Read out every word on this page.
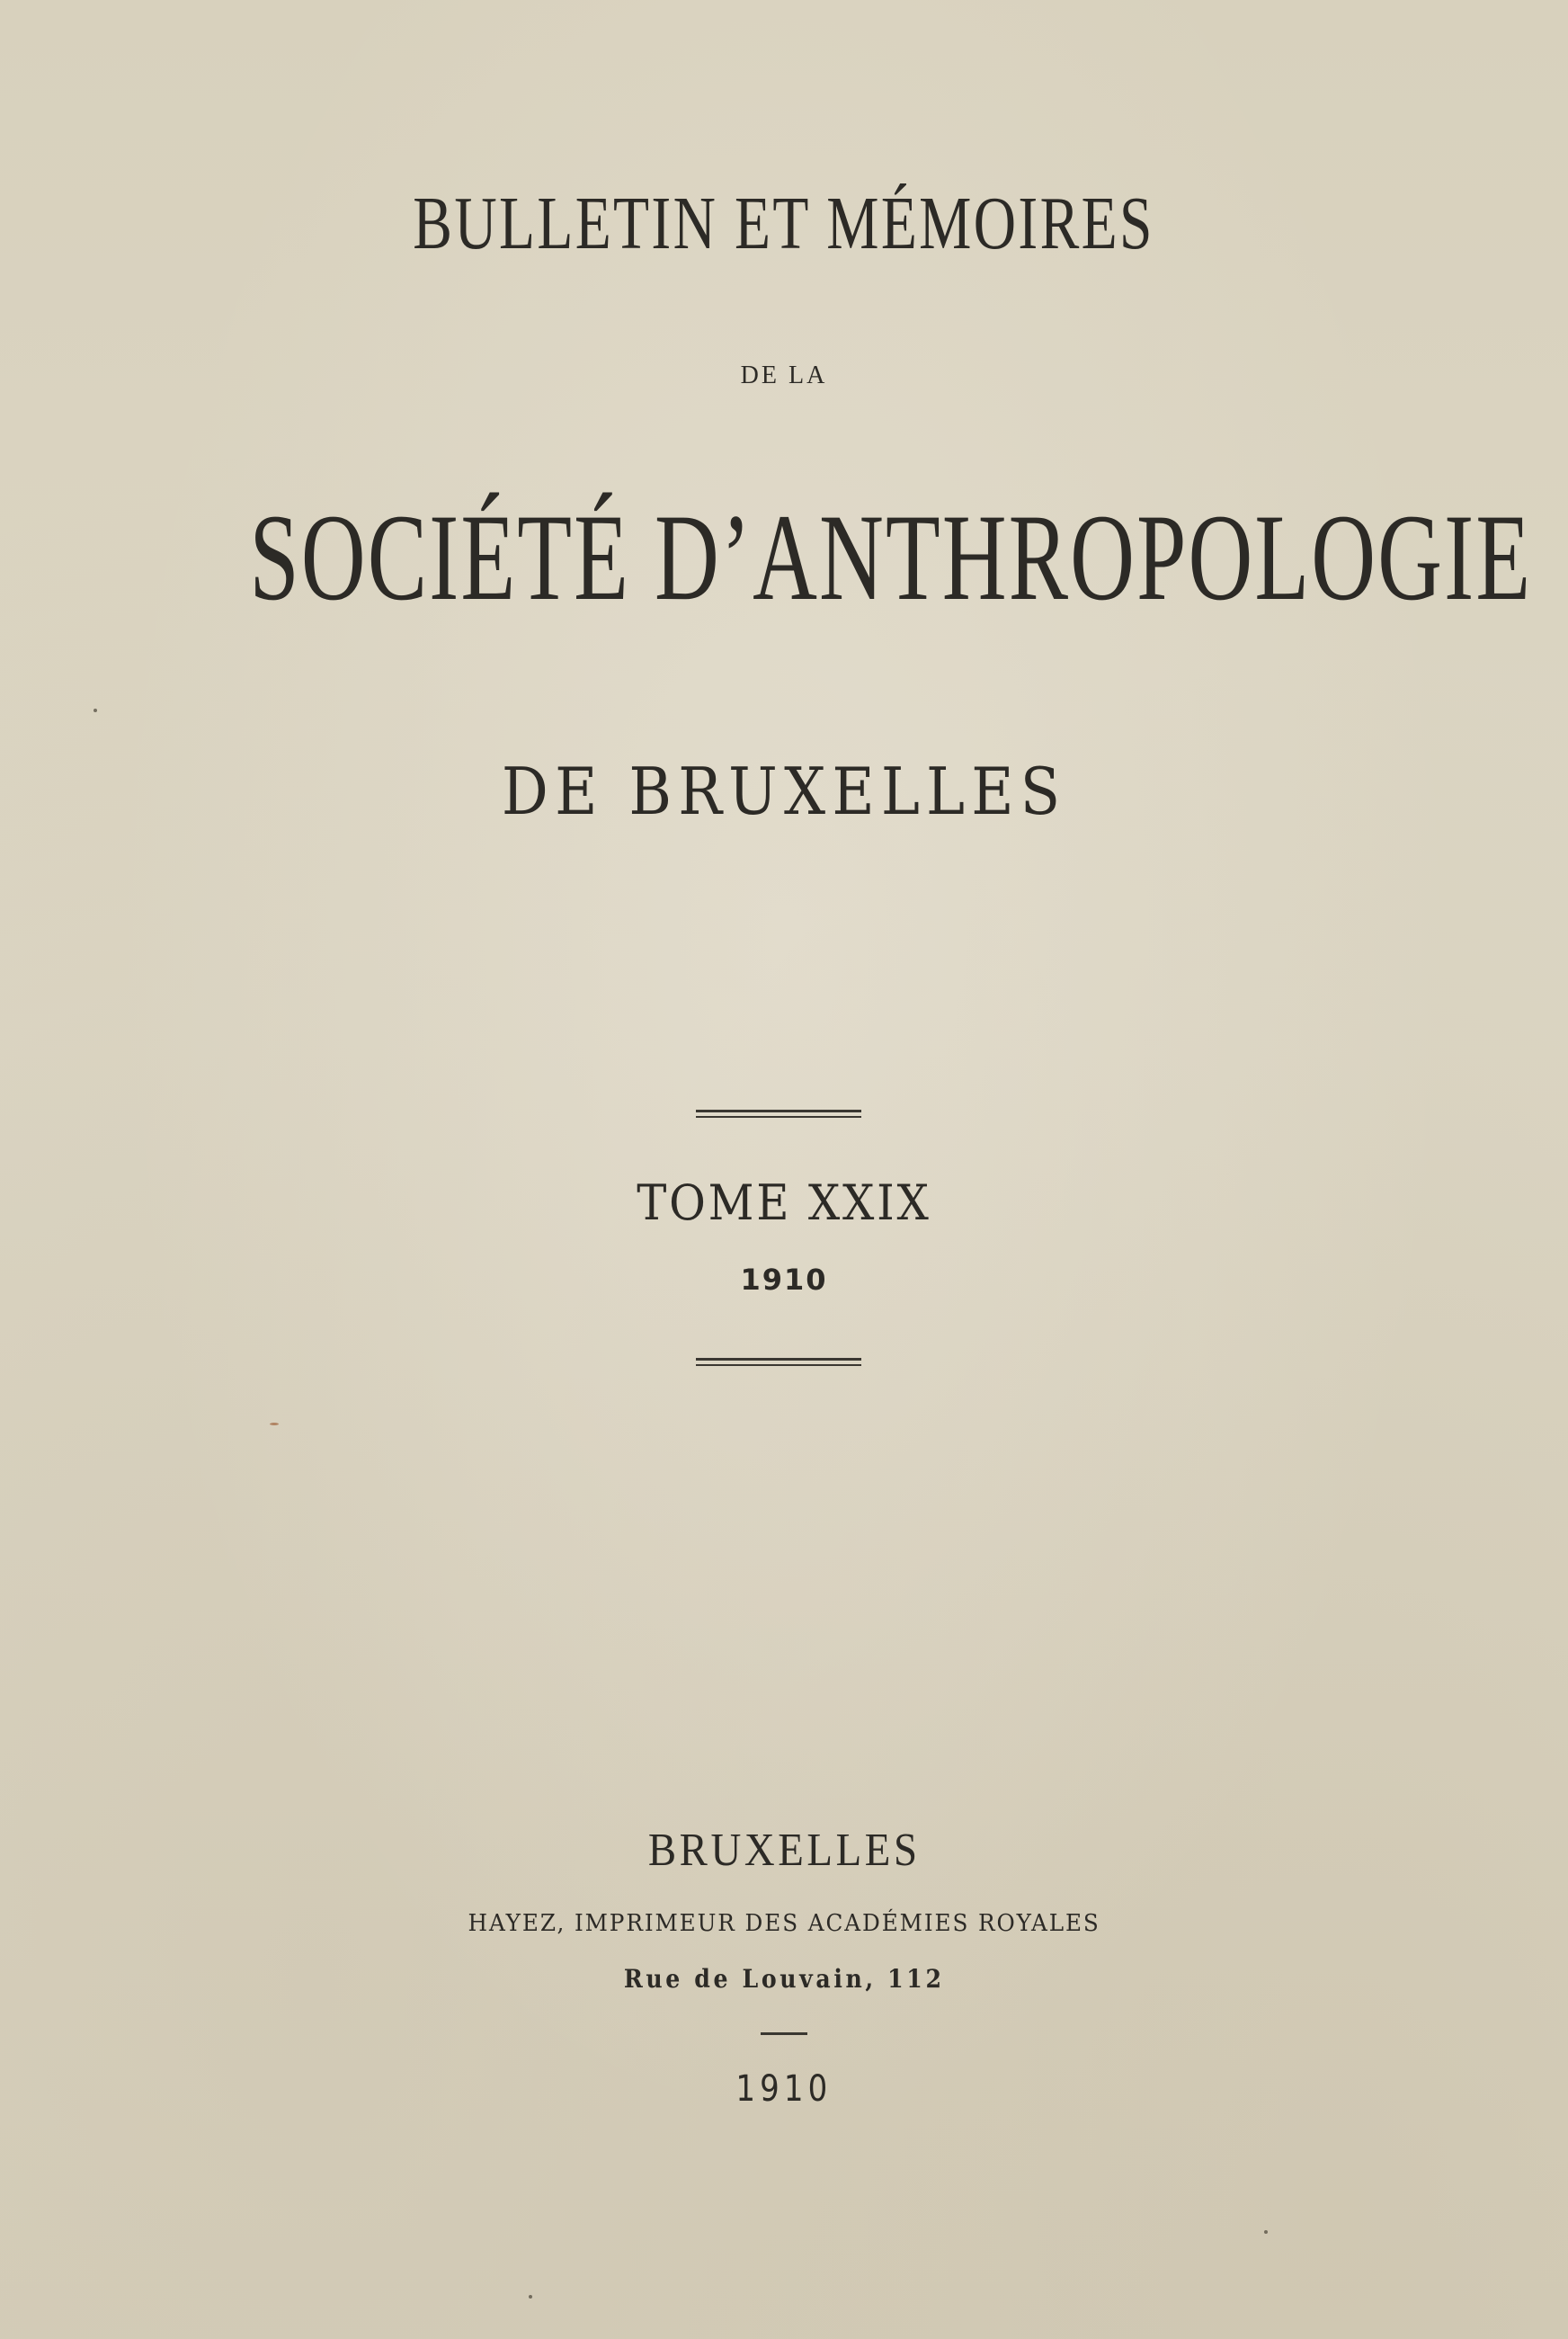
BULLETIN ET MÉMOIRES
DE LA
SOCIÉTÉ D’ANTHROPOLOGIE
DE BRUXELLES
TOME XXIX
1910
BRUXELLES
HAYEZ, IMPRIMEUR DES ACADÉMIES ROYALES
Rue de Louvain, 112
1910
